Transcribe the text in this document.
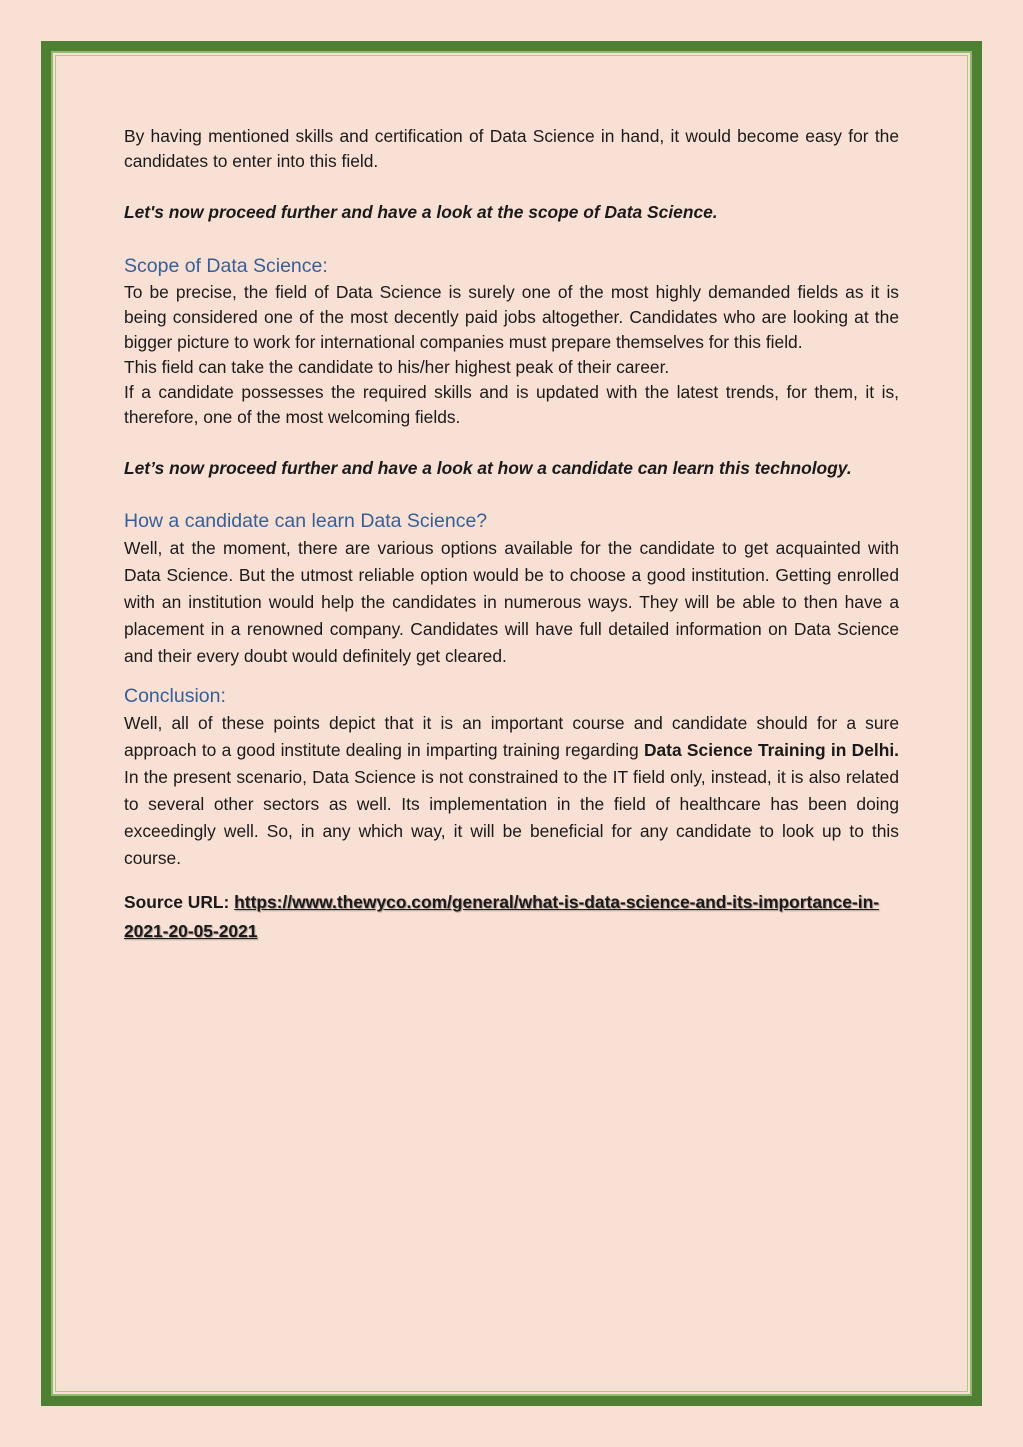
By having mentioned skills and certification of Data Science in hand, it would become easy for the candidates to enter into this field.

Let's now proceed further and have a look at the scope of Data Science.

Scope of Data Science:

To be precise, the field of Data Science is surely one of the most highly demanded fields as it is being considered one of the most decently paid jobs altogether. Candidates who are looking at the bigger picture to work for international companies must prepare themselves for this field.

This field can take the candidate to his/her highest peak of their career.

If a candidate possesses the required skills and is updated with the latest trends, for them, it is, therefore, one of the most welcoming fields.

Let’s now proceed further and have a look at how a candidate can learn this technology.

How a candidate can learn Data Science?

Well, at the moment, there are various options available for the candidate to get acquainted with Data Science. But the utmost reliable option would be to choose a good institution. Getting enrolled with an institution would help the candidates in numerous ways. They will be able to then have a placement in a renowned company. Candidates will have full detailed information on Data Science and their every doubt would definitely get cleared.

Conclusion:

Well, all of these points depict that it is an important course and candidate should for a sure approach to a good institute dealing in imparting training regarding Data Science Training in Delhi. In the present scenario, Data Science is not constrained to the IT field only, instead, it is also related to several other sectors as well. Its implementation in the field of healthcare has been doing exceedingly well. So, in any which way, it will be beneficial for any candidate to look up to this course.

Source URL: https://www.thewyco.com/general/what-is-data-science-and-its-importance-in-2021-20-05-2021
